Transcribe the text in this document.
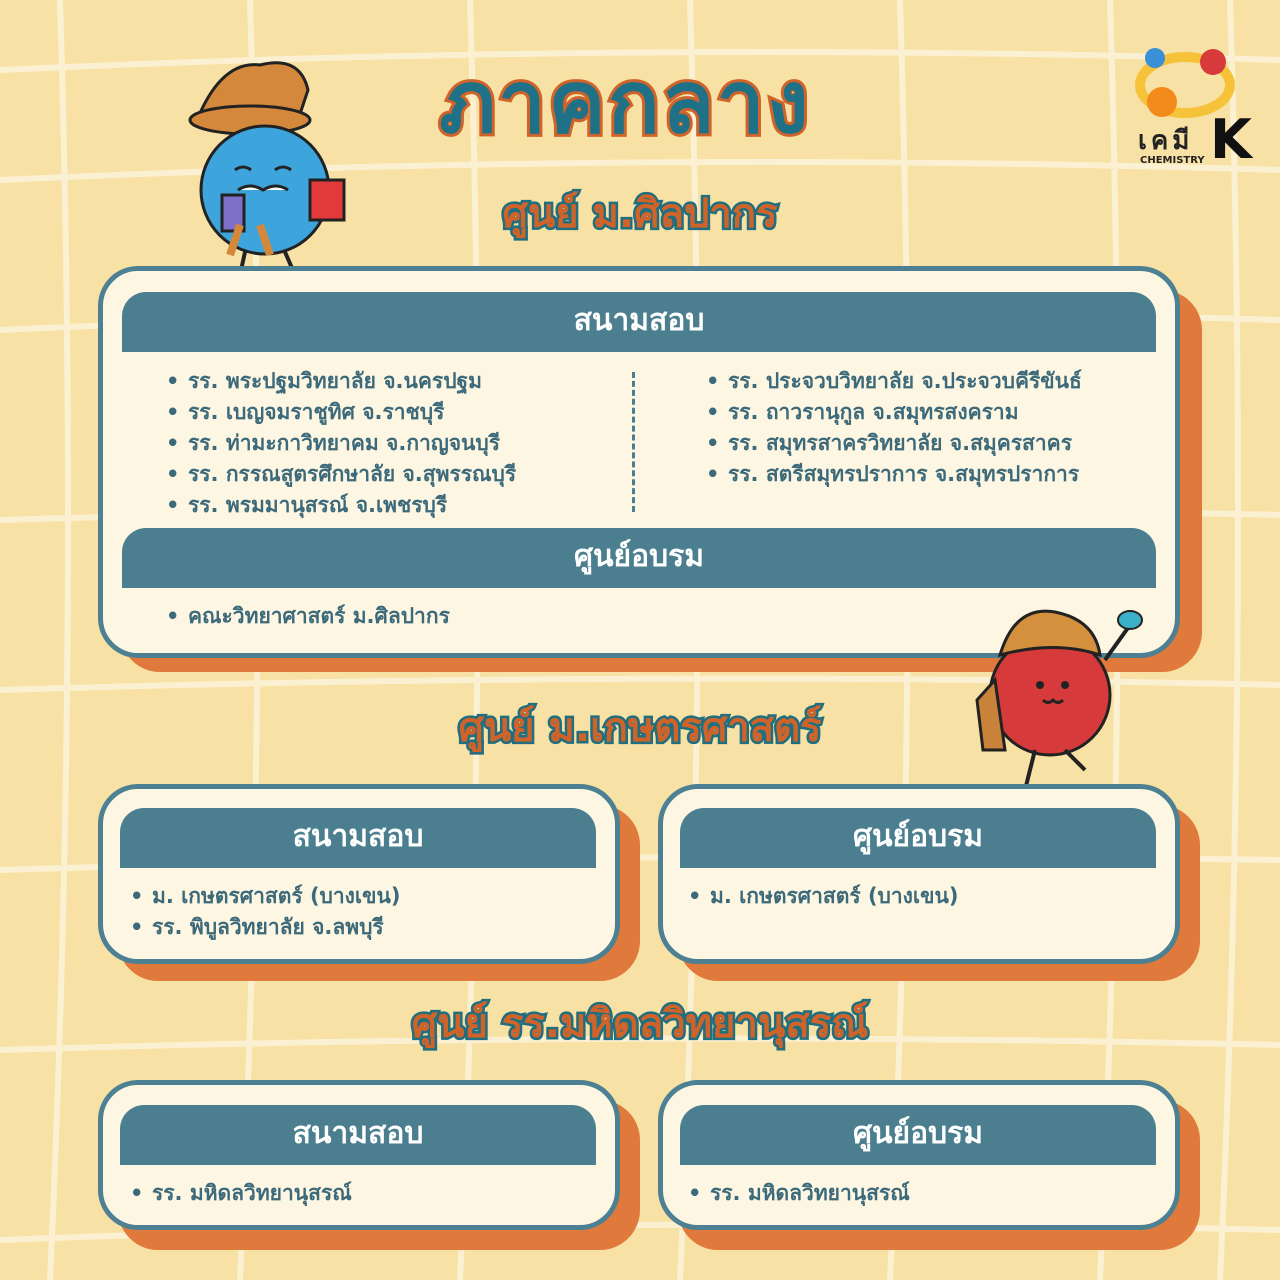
ภาคกลาง	เคมี K
CHEMISTRY
ศูนย์ ม.ศิลปากร
สนามสอบ
• รร. พระปฐมวิทยาลัย จ.นครปฐม
• รร. เบญจมราชูทิศ จ.ราชบุรี
• รร. ท่ามะกาวิทยาคม จ.กาญจนบุรี
• รร. กรรณสูตรศึกษาลัย จ.สุพรรณบุรี
• รร. พรมมานุสรณ์ จ.เพชรบุรี
• รร. ประจวบวิทยาลัย จ.ประจวบคีรีขันธ์
• รร. ถาวรานุกูล จ.สมุทรสงคราม
• รร. สมุทรสาครวิทยาลัย จ.สมุครสาคร
• รร. สตรีสมุทรปราการ จ.สมุทรปราการ
ศูนย์อบรม
• คณะวิทยาศาสตร์ ม.ศิลปากร
ศูนย์ ม.เกษตรศาสตร์
สนามสอบ
• ม. เกษตรศาสตร์ (บางเขน)
• รร. พิบูลวิทยาลัย จ.ลพบุรี
ศูนย์อบรม
• ม. เกษตรศาสตร์ (บางเขน)
ศูนย์ รร.มหิดลวิทยานุสรณ์
สนามสอบ
• รร. มหิดลวิทยานุสรณ์
ศูนย์อบรม
• รร. มหิดลวิทยานุสรณ์
